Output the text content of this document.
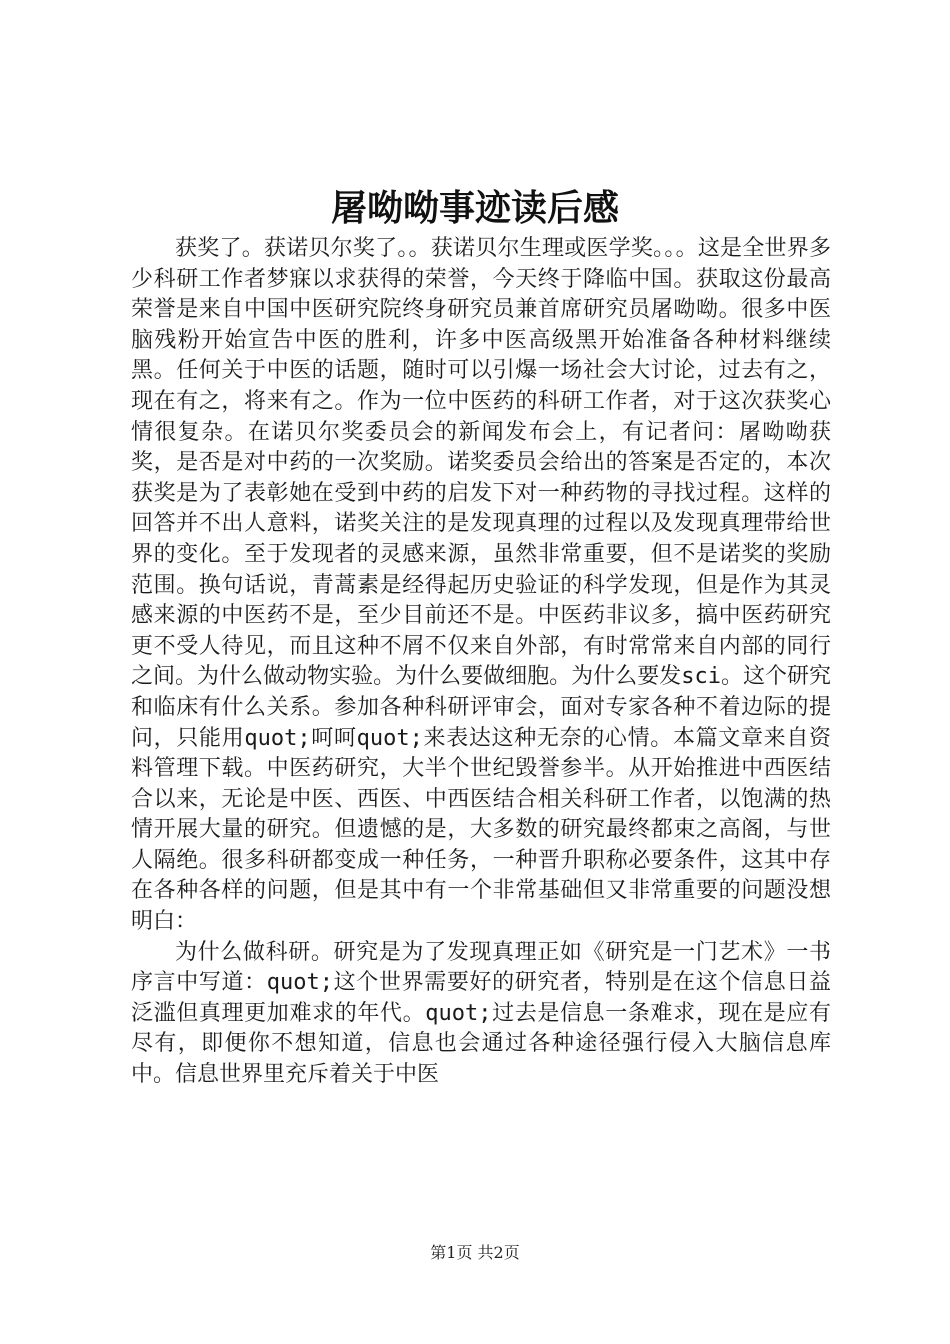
屠呦呦事迹读后感

获奖了。获诺贝尔奖了。。获诺贝尔生理或医学奖。。。这是全世界多少科研工作者梦寐以求获得的荣誉，今天终于降临中国。获取这份最高荣誉是来自中国中医研究院终身研究员兼首席研究员屠呦呦。很多中医脑残粉开始宣告中医的胜利，许多中医高级黑开始准备各种材料继续黑。任何关于中医的话题，随时可以引爆一场社会大讨论，过去有之，现在有之，将来有之。作为一位中医药的科研工作者，对于这次获奖心情很复杂。在诺贝尔奖委员会的新闻发布会上，有记者问：屠呦呦获奖，是否是对中药的一次奖励。诺奖委员会给出的答案是否定的，本次获奖是为了表彰她在受到中药的启发下对一种药物的寻找过程。这样的回答并不出人意料，诺奖关注的是发现真理的过程以及发现真理带给世界的变化。至于发现者的灵感来源，虽然非常重要，但不是诺奖的奖励范围。换句话说，青蒿素是经得起历史验证的科学发现，但是作为其灵感来源的中医药不是，至少目前还不是。中医药非议多，搞中医药研究更不受人待见，而且这种不屑不仅来自外部，有时常常来自内部的同行之间。为什么做动物实验。为什么要做细胞。为什么要发sci。这个研究和临床有什么关系。参加各种科研评审会，面对专家各种不着边际的提问，只能用quot;呵呵quot;来表达这种无奈的心情。本篇文章来自资料管理下载。中医药研究，大半个世纪毁誉参半。从开始推进中西医结合以来，无论是中医、西医、中西医结合相关科研工作者，以饱满的热情开展大量的研究。但遗憾的是，大多数的研究最终都束之高阁，与世人隔绝。很多科研都变成一种任务，一种晋升职称必要条件，这其中存在各种各样的问题，但是其中有一个非常基础但又非常重要的问题没想明白：

为什么做科研。研究是为了发现真理正如《研究是一门艺术》一书序言中写道：quot;这个世界需要好的研究者，特别是在这个信息日益泛滥但真理更加难求的年代。quot;过去是信息一条难求，现在是应有尽有，即便你不想知道，信息也会通过各种途径强行侵入大脑信息库中。信息世界里充斥着关于中医

第1页 共2页
